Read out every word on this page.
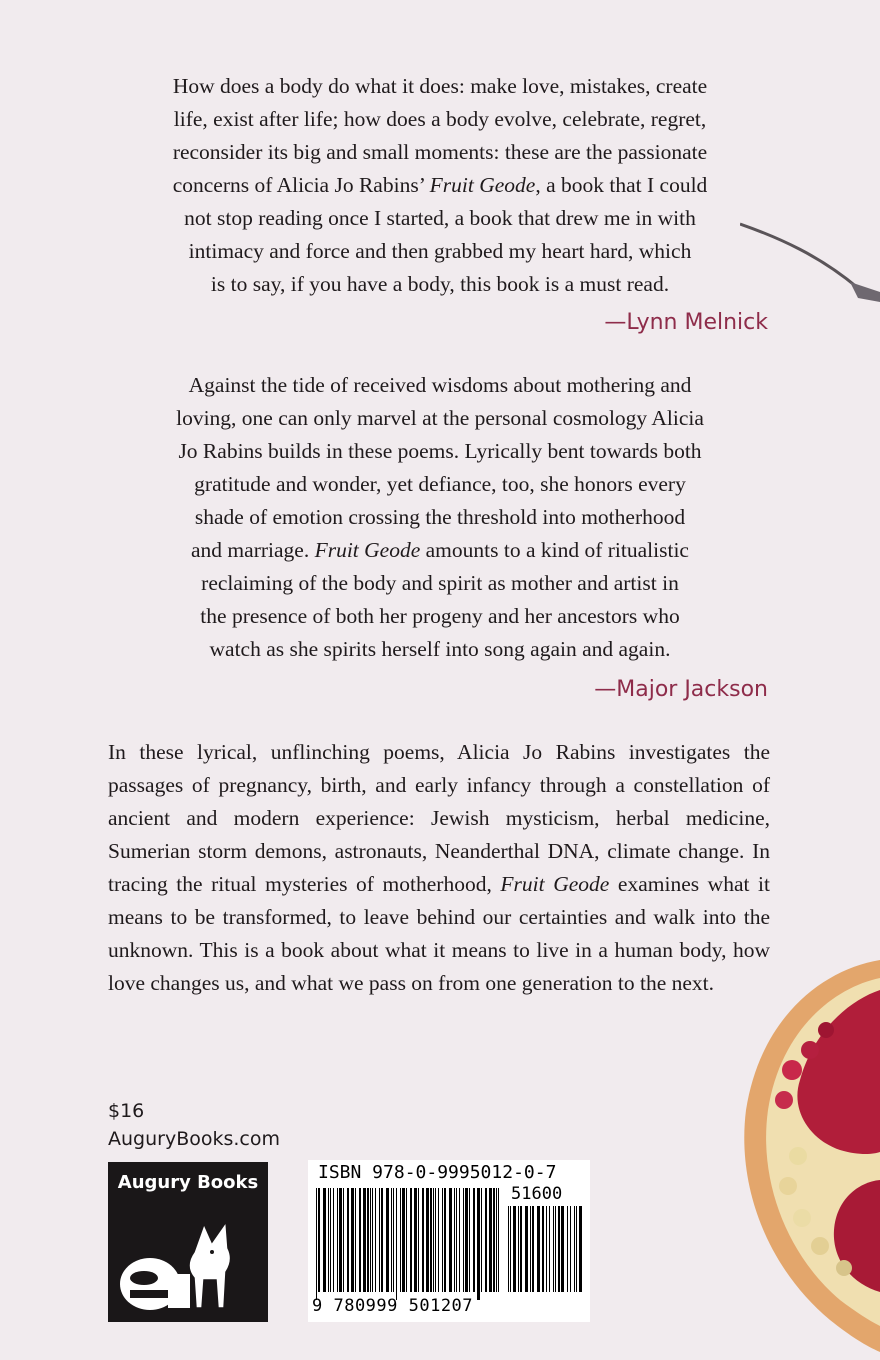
How does a body do what it does: make love, mistakes, create

life, exist after life; how does a body evolve, celebrate, regret,

reconsider its big and small moments: these are the passionate

concerns of Alicia Jo Rabins’ Fruit Geode, a book that I could

not stop reading once I started, a book that drew me in with

intimacy and force and then grabbed my heart hard, which

is to say, if you have a body, this book is a must read.

—Lynn Melnick

Against the tide of received wisdoms about mothering and

loving, one can only marvel at the personal cosmology Alicia

Jo Rabins builds in these poems. Lyrically bent towards both

gratitude and wonder, yet defiance, too, she honors every

shade of emotion crossing the threshold into motherhood

and marriage. Fruit Geode amounts to a kind of ritualistic

reclaiming of the body and spirit as mother and artist in

the presence of both her progeny and her ancestors who

watch as she spirits herself into song again and again.

—Major Jackson

In these lyrical, unflinching poems, Alicia Jo Rabins investigates the passages of pregnancy, birth, and early infancy through a constellation of ancient and modern experience: Jewish mysticism, herbal medicine, Sumerian storm demons, astronauts, Neanderthal DNA, climate change. In tracing the ritual mysteries of motherhood, Fruit Geode examines what it means to be transformed, to leave behind our certainties and walk into the unknown. This is a book about what it means to live in a human body, how love changes us, and what we pass on from one generation to the next.

$16
AuguryBooks.com
Augury Books	ISBN 978-0-9995012-0-7
51600
9 780999 501207
